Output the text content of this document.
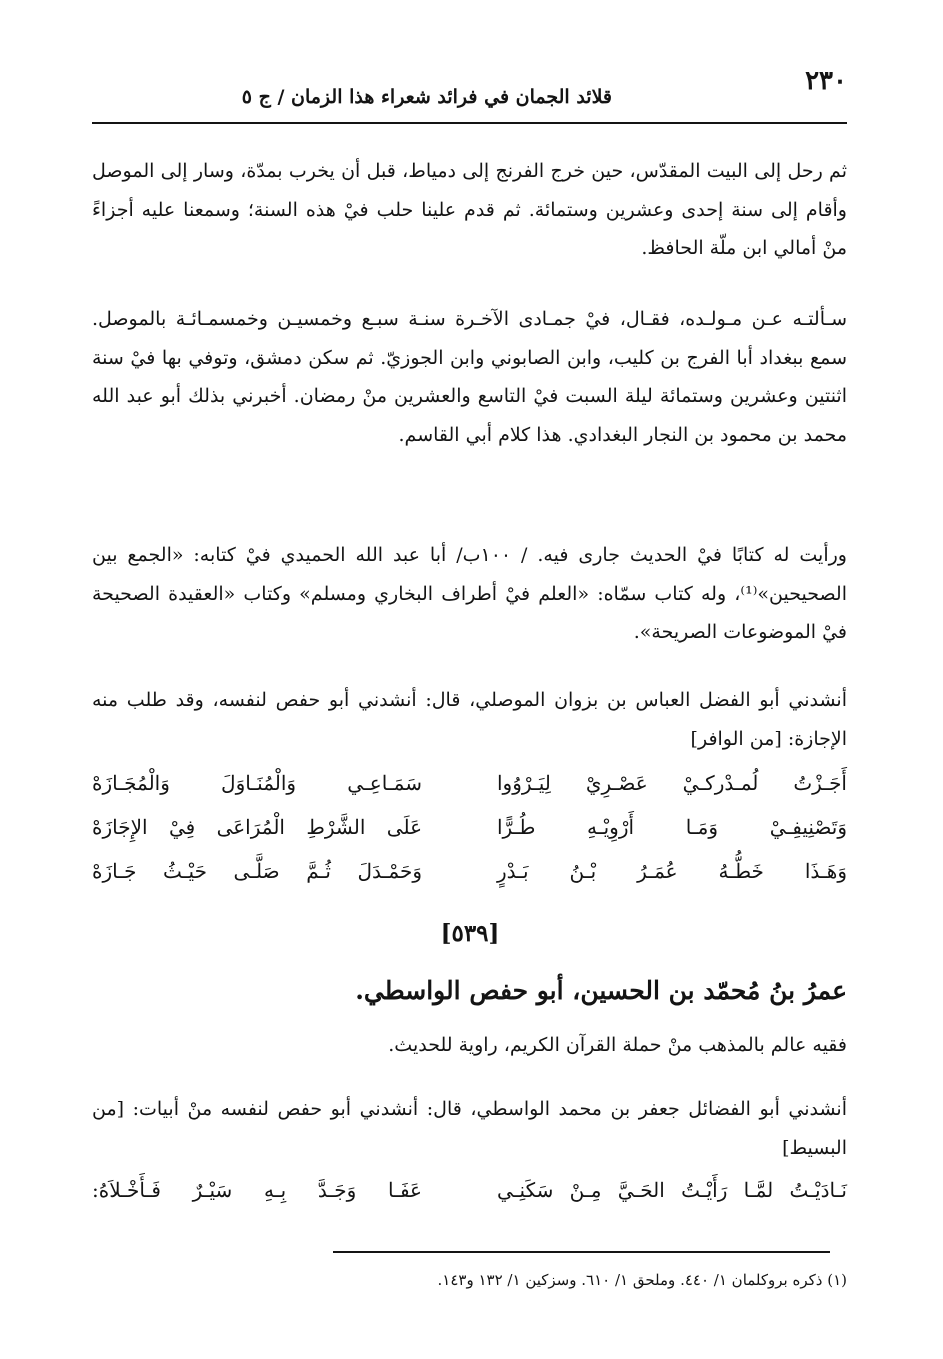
٢٣٠
قلائد الجمان في فرائد شعراء هذا الزمان / ج ٥

ثم رحل إلى البيت المقدّس، حين خرج الفرنج إلى دمياط، قبل أن يخرب بمدّة، وسار إلى الموصل وأقام إلى سنة إحدى وعشرين وستمائة. ثم قدم علينا حلب فيْ هذه السنة؛ وسمعنا عليه أجزاءً منْ أمالي ابن ملّة الحافظ.

سـألتـه عـن مـولـده، فقـال، فيْ جمـادى الآخـرة سنـة سبـع وخمسيـن وخمسمـائـة بالموصل. سمع ببغداد أبا الفرج بن كليب، وابن الصابوني وابن الجوزيّ. ثم سكن دمشق، وتوفي بها فيْ سنة اثنتين وعشرين وستمائة ليلة السبت فيْ التاسع والعشرين منْ رمضان. أخبرني بذلك أبو عبد الله محمد بن محمود بن النجار البغدادي. هذا كلام أبي القاسم.

ورأيت له كتابًا فيْ الحديث جارى فيه. / ١٠٠ب/ أبا عبد الله الحميدي فيْ كتابه: «الجمع بين الصحيحين»⁽¹⁾، وله كتاب سمّاه: «العلم فيْ أطراف البخاري ومسلم» وكتاب «العقيدة الصحيحة فيْ الموضوعات الصريحة».

أنشدني أبو الفضل العباس بن بزوان الموصلي، قال: أنشدني أبو حفص لنفسه، وقد طلب منه الإجازة: [من الوافر]

أَجَـزْتُ لُمـدْركـيْ عَصْـرِيْ لِيَـرْوُوا
سَمَـاعِـي وَالْمُنَـاوَلَ وَالْمُجَـازَهْ
وَتَصْنِيفِـيْ وَمَـا أَرْوِيْـهِ طُـرًّا
عَلَى الشَّرْطِ الْمُرَاعَى فِيْ الإِجَازَهْ
وَهَـذَا خَطُّـهُ عُمَـرُ بْـنُ بَـدْرٍ
وَحَمْـدَلَ ثُـمَّ صَلَّـى حَيْـثُ جَـازَهْ
[٥٣٩]
عمرُ بنُ مُحمّد بن الحسين، أبو حفص الواسطي.
فقيه عالم بالمذهب منْ حملة القرآن الكريم، راوية للحديث.

أنشدني أبو الفضائل جعفر بن محمد الواسطي، قال: أنشدني أبو حفص لنفسه منْ أبيات: [من البسيط]

نَـادَيْـتُ لمَّـا رَأَيْـتُ الحَـيَّ مِـنْ سَكَنِـي
عَفَـا وَجَـدَّ بِـهِ سَيْـرٌ فَـأَخْـلاَهُ:
(١) ذكره بروكلمان ١/ ٤٤٠. وملحق ١/ ٦١٠. وسزكين ١/ ١٣٢ و١٤٣.
